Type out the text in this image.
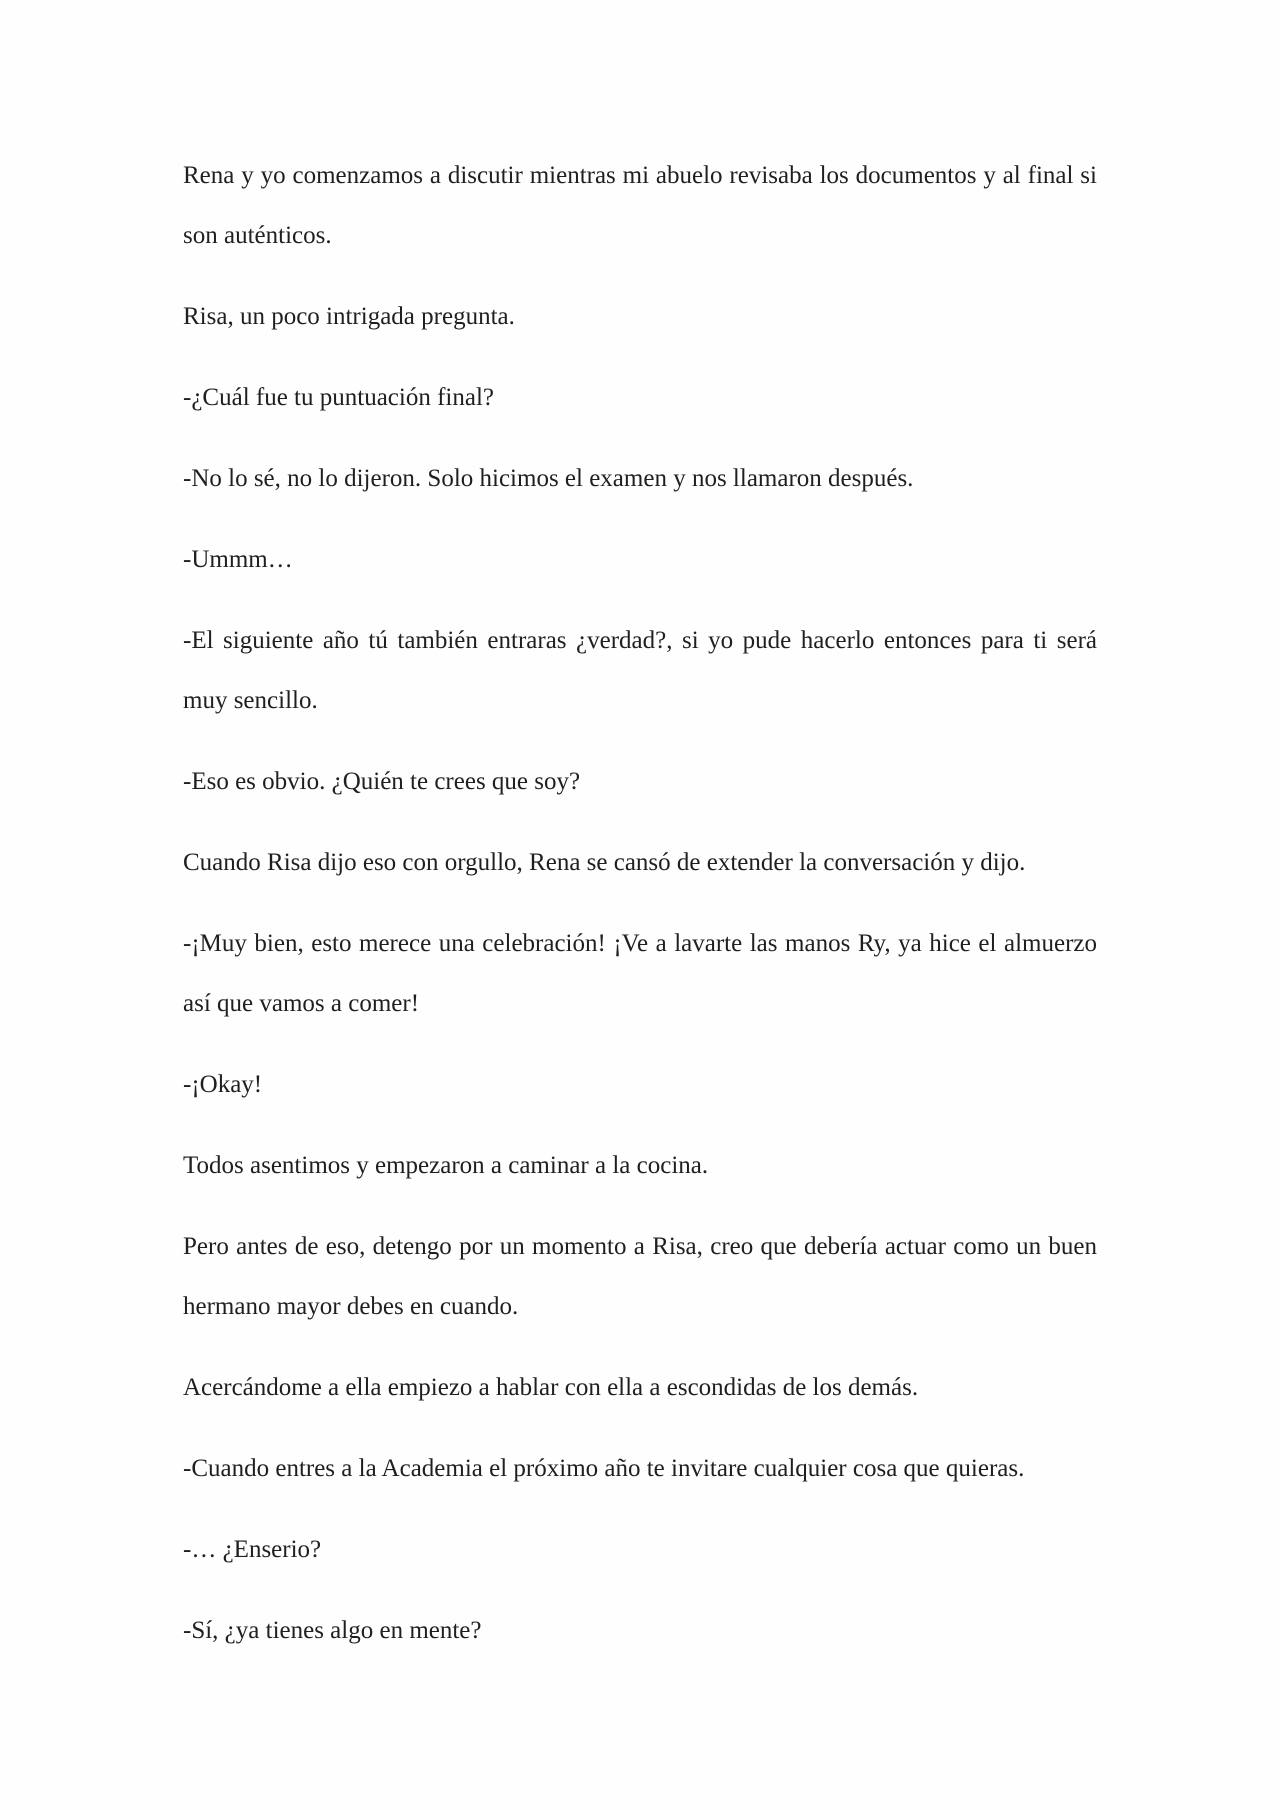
Rena y yo comenzamos a discutir mientras mi abuelo revisaba los documentos y al final si son auténticos.

Risa, un poco intrigada pregunta.

-¿Cuál fue tu puntuación final?

-No lo sé, no lo dijeron. Solo hicimos el examen y nos llamaron después.

-Ummm…

-El siguiente año tú también entraras ¿verdad?, si yo pude hacerlo entonces para ti será muy sencillo.

-Eso es obvio. ¿Quién te crees que soy?

Cuando Risa dijo eso con orgullo, Rena se cansó de extender la conversación y dijo.

-¡Muy bien, esto merece una celebración! ¡Ve a lavarte las manos Ry, ya hice el almuerzo así que vamos a comer!

-¡Okay!

Todos asentimos y empezaron a caminar a la cocina.

Pero antes de eso, detengo por un momento a Risa, creo que debería actuar como un buen hermano mayor debes en cuando.

Acercándome a ella empiezo a hablar con ella a escondidas de los demás.

-Cuando entres a la Academia el próximo año te invitare cualquier cosa que quieras.

-… ¿Enserio?

-Sí, ¿ya tienes algo en mente?
